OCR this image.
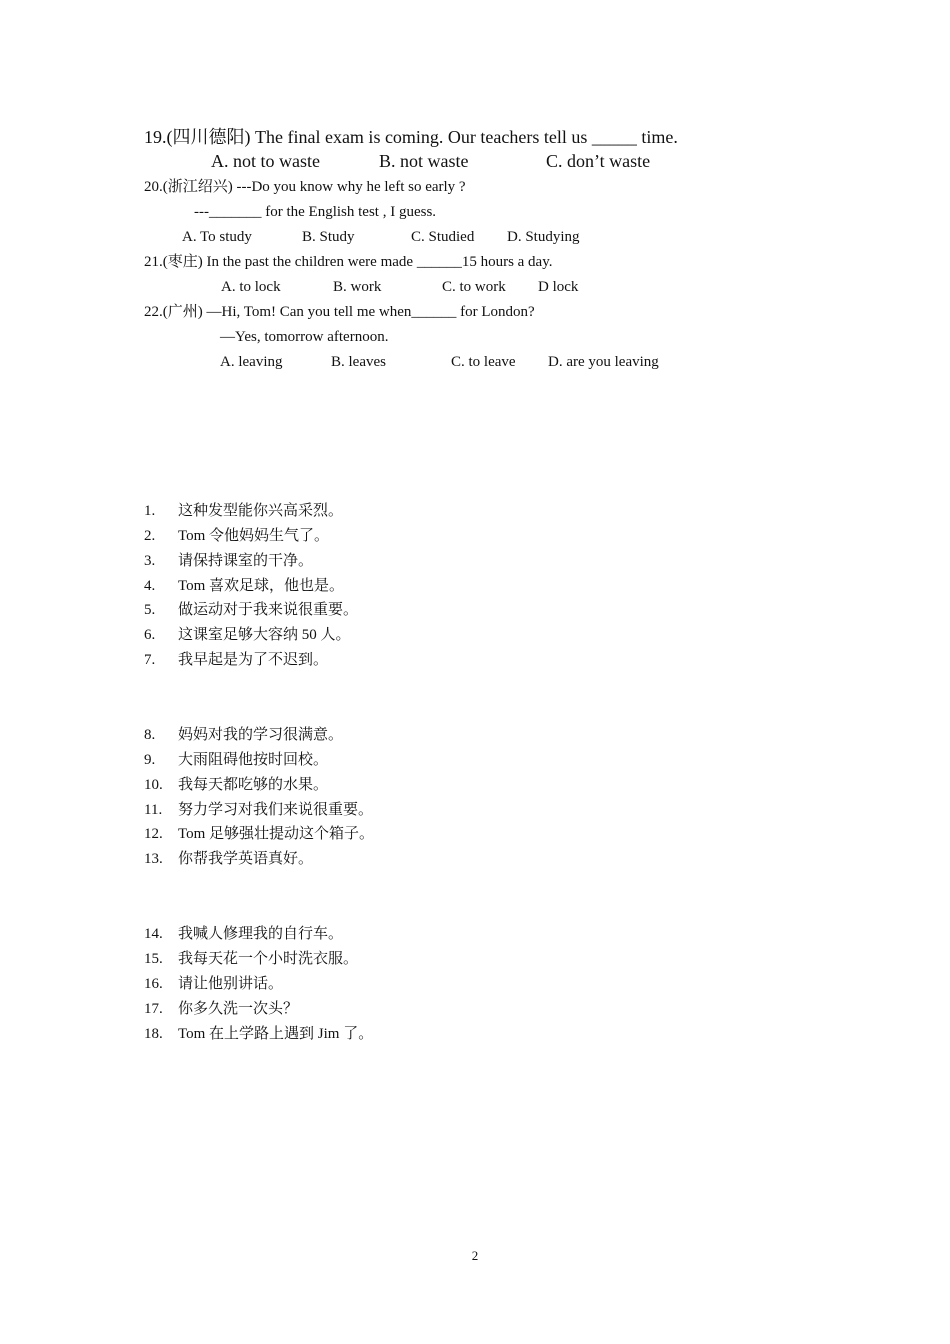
19.(四川德阳) The final exam is coming. Our teachers tell us _____ time.
A. not to waste	B. not waste	C. don’t waste
20.(浙江绍兴) ---Do you know why he left so early ?
---_______ for the English test , I guess.
A. To study	B. Study	C. Studied D. Studying
21.(枣庄) In the past the children were made ______15 hours a day.
A. to lock	B. work	C. to work D lock
22.(广州) —Hi, Tom! Can you tell me when______ for London?
—Yes, tomorrow afternoon.
A. leaving	B. leaves	C. to leave D. are you leaving
1. 这种发型能你兴高采烈。
2. Tom 令他妈妈生气了。
3. 请保持课室的干净。
4. Tom 喜欢足球，他也是。
5. 做运动对于我来说很重要。
6. 这课室足够大容纳 50 人。
7. 我早起是为了不迟到。
8. 妈妈对我的学习很满意。
9. 大雨阻碍他按时回校。
10. 我每天都吃够的水果。
11. 努力学习对我们来说很重要。
12. Tom 足够强壮提动这个箱子。
13. 你帮我学英语真好。
14. 我喊人修理我的自行车。
15. 我每天花一个小时洗衣服。
16. 请让他别讲话。
17. 你多久洗一次头？
18. Tom 在上学路上遇到 Jim 了。
2
